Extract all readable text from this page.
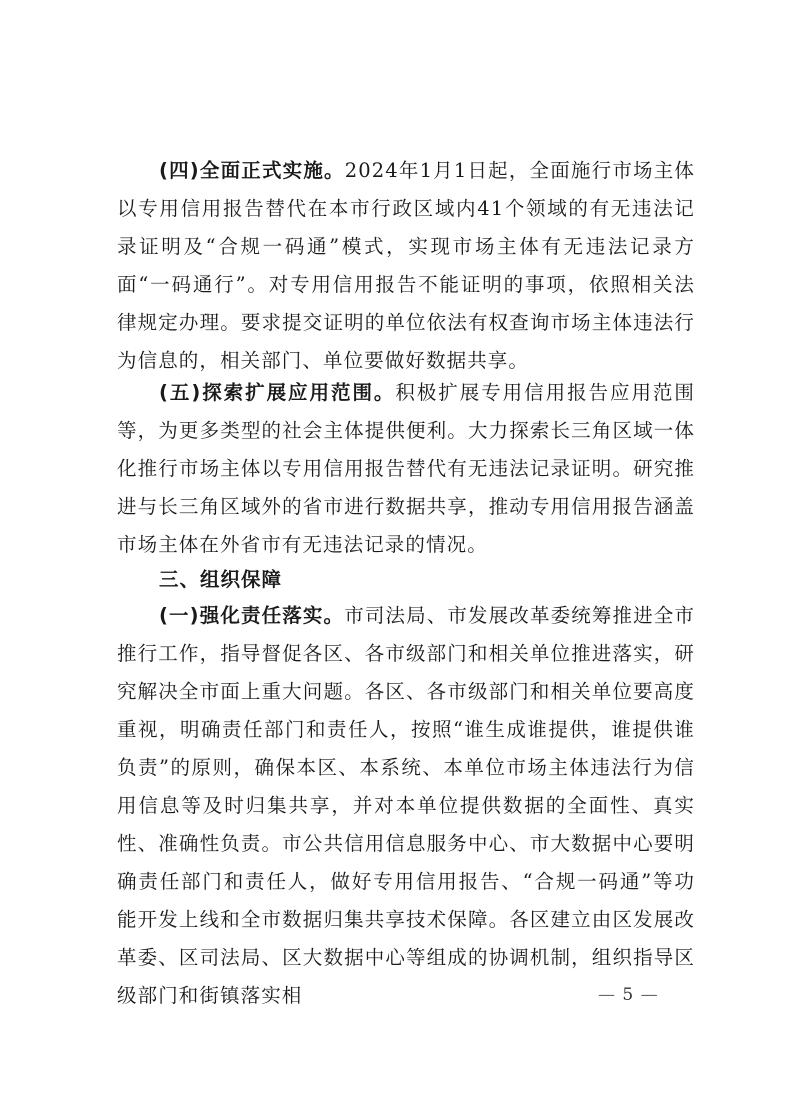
(四)全面正式实施。2024年1月1日起，全面施行市场主体以专用信用报告替代在本市行政区域内41个领域的有无违法记录证明及“合规一码通”模式，实现市场主体有无违法记录方面“一码通行”。对专用信用报告不能证明的事项，依照相关法律规定办理。要求提交证明的单位依法有权查询市场主体违法行为信息的，相关部门、单位要做好数据共享。

(五)探索扩展应用范围。积极扩展专用信用报告应用范围等，为更多类型的社会主体提供便利。大力探索长三角区域一体化推行市场主体以专用信用报告替代有无违法记录证明。研究推进与长三角区域外的省市进行数据共享，推动专用信用报告涵盖市场主体在外省市有无违法记录的情况。

三、组织保障

(一)强化责任落实。市司法局、市发展改革委统筹推进全市推行工作，指导督促各区、各市级部门和相关单位推进落实，研究解决全市面上重大问题。各区、各市级部门和相关单位要高度重视，明确责任部门和责任人，按照“谁生成谁提供，谁提供谁负责”的原则，确保本区、本系统、本单位市场主体违法行为信用信息等及时归集共享，并对本单位提供数据的全面性、真实性、准确性负责。市公共信用信息服务中心、市大数据中心要明确责任部门和责任人，做好专用信用报告、“合规一码通”等功能开发上线和全市数据归集共享技术保障。各区建立由区发展改革委、区司法局、区大数据中心等组成的协调机制，组织指导区级部门和街镇落实相	— 5 —
